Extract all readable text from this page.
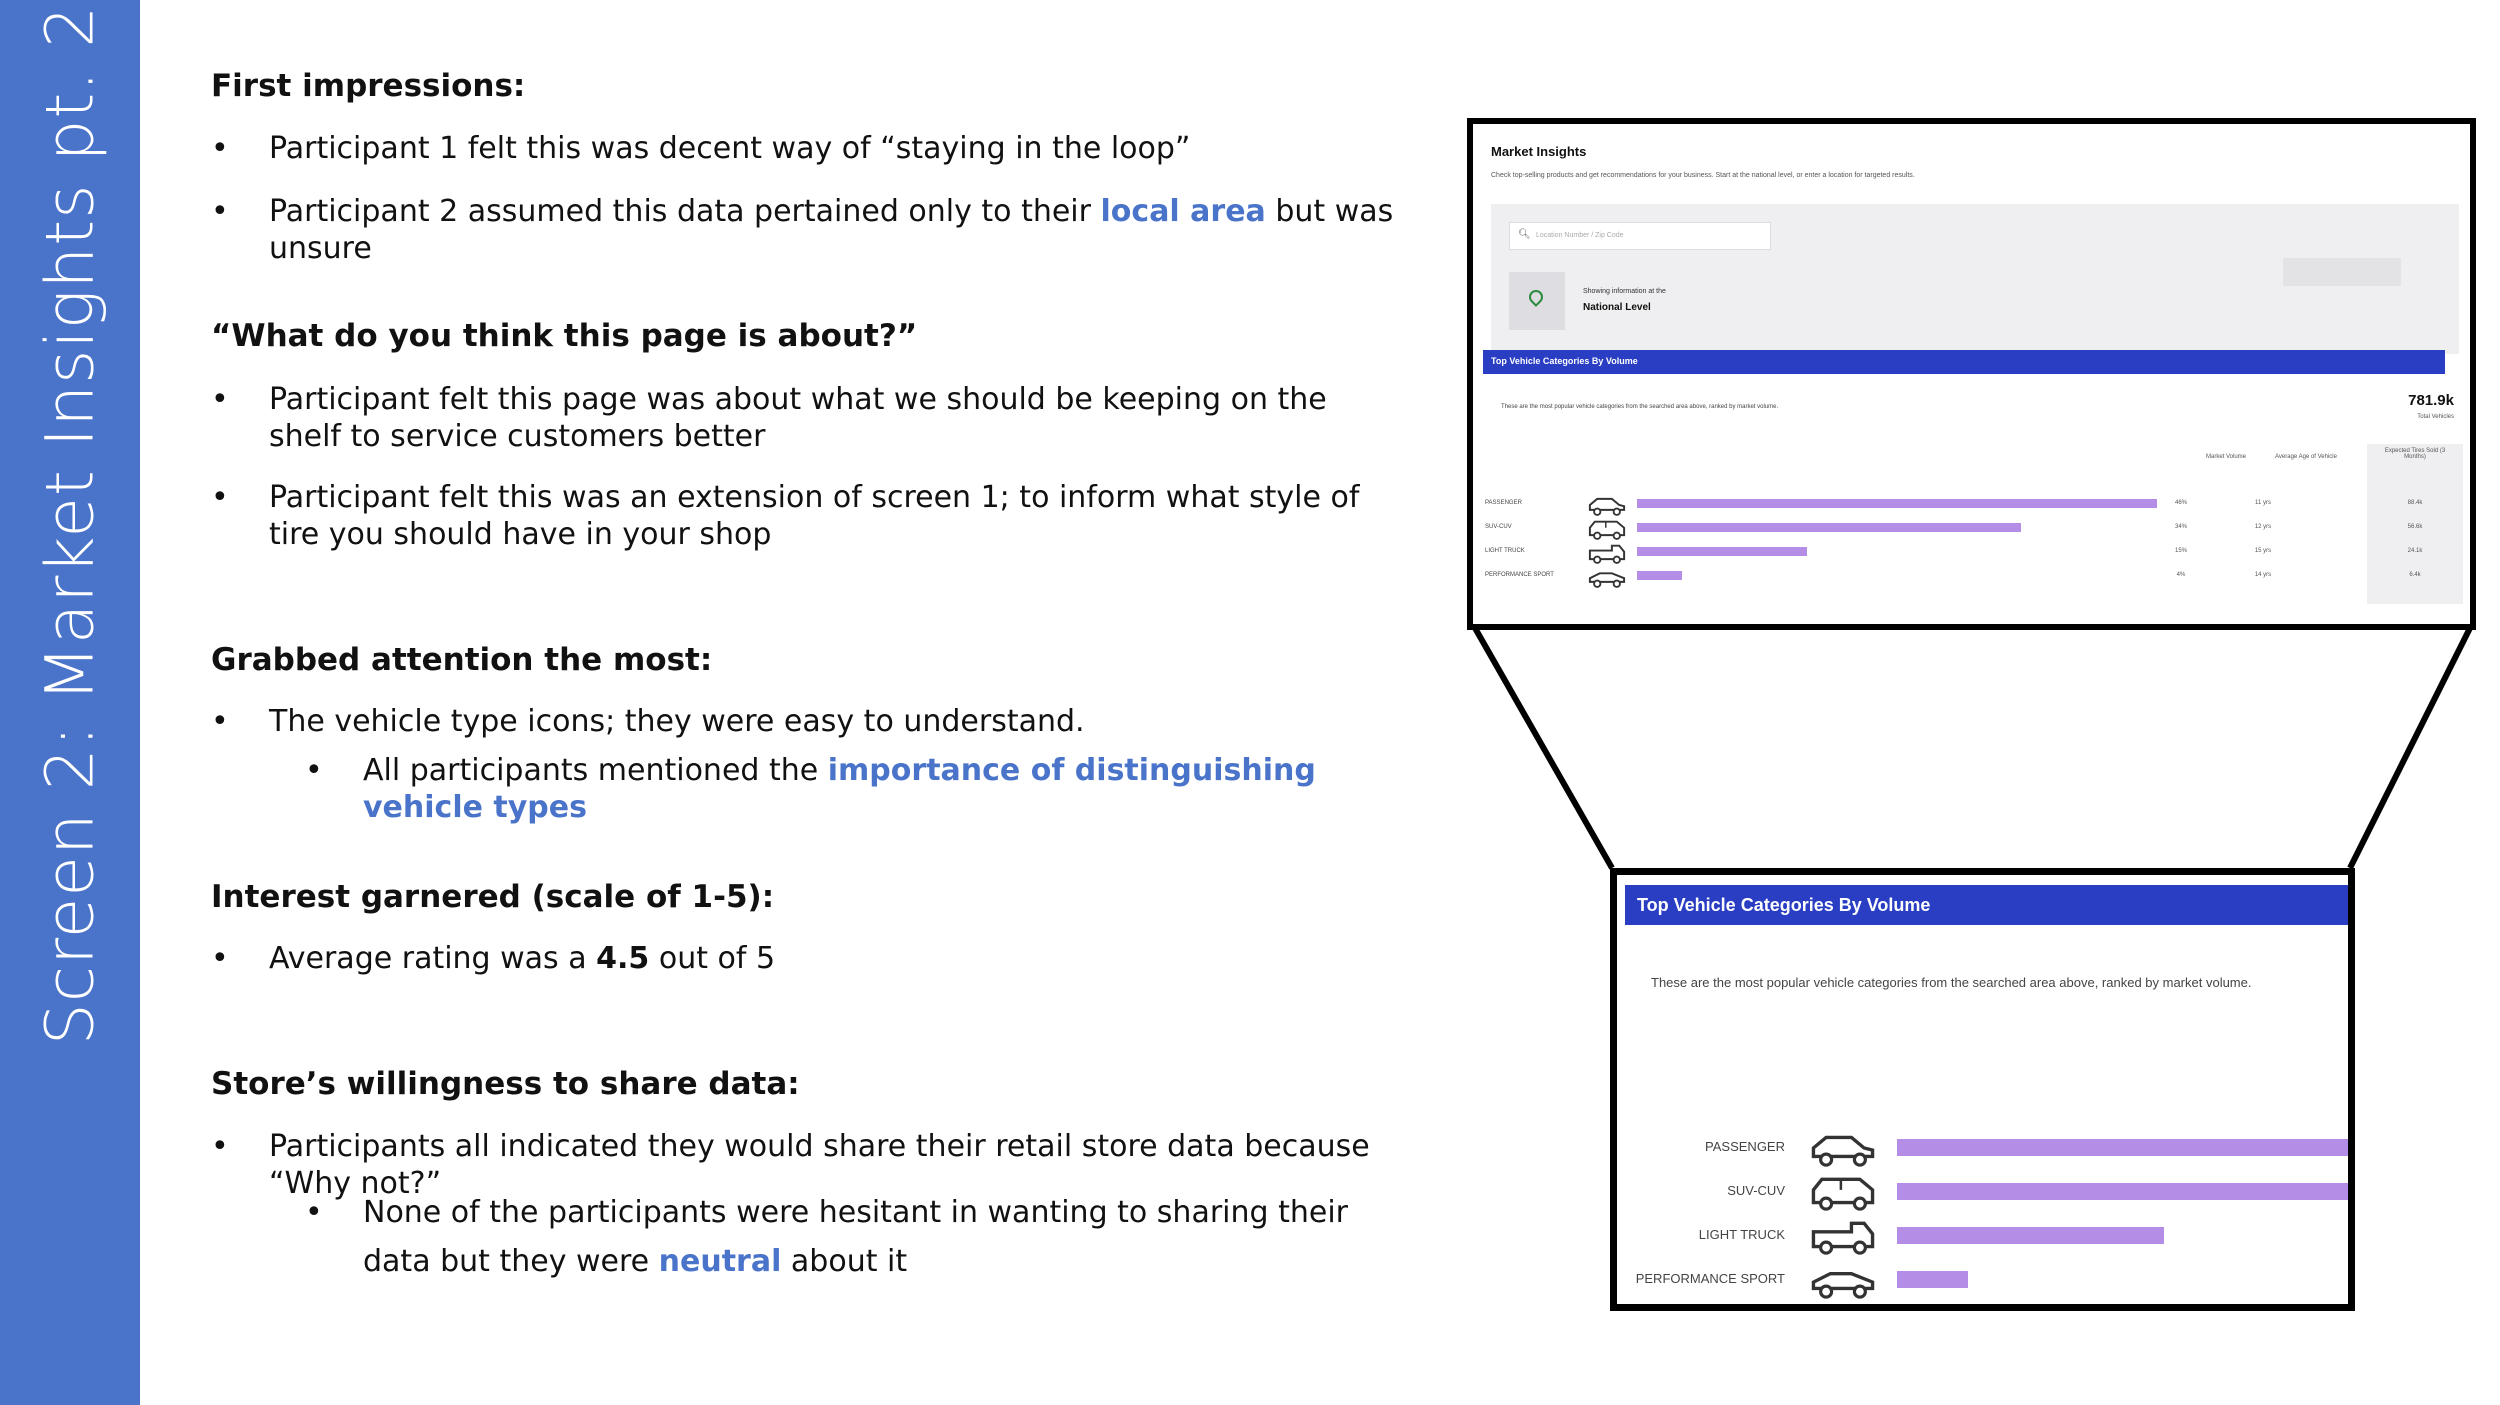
Screen 2: Market Insights pt. 2	First impressions:
• Participant 1 felt this was decent way of “staying in the loop”
• Participant 2 assumed this data pertained only to their local area but was unsure
“What do you think this page is about?”
• Participant felt this page was about what we should be keeping on the shelf to service customers better
• Participant felt this was an extension of screen 1; to inform what style of tire you should have in your shop
Grabbed attention the most:
• The vehicle type icons; they were easy to understand.
• All participants mentioned the importance of distinguishing vehicle types
Interest garnered (scale of 1-5):
• Average rating was a 4.5 out of 5
Store’s willingness to share data:
• Participants all indicated they would share their retail store data because “Why not?”
• None of the participants were hesitant in wanting to sharing their data but they were neutral about it
Market Insights
Check top-selling products and get recommendations for your business. Start at the national level, or enter a location for targeted results.
🔍︎ Location Number / Zip Code
Showing information at the
National Level
Top Vehicle Categories By Volume
These are the most popular vehicle categories from the searched area above, ranked by market volume.	781.9k
Total Vehicles
Market Volume	Average Age of Vehicle
Expected Tires Sold (3 Months)
PASSENGER	46%	11 yrs	88.4k
SUV-CUV	34%	12 yrs	56.6k
LIGHT TRUCK	15%	15 yrs	24.1k
PERFORMANCE SPORT	4%	14 yrs	6.4k
Top Vehicle Categories By Volume
These are the most popular vehicle categories from the searched area above, ranked by market volume.
PASSENGER
SUV-CUV
LIGHT TRUCK
PERFORMANCE SPORT
